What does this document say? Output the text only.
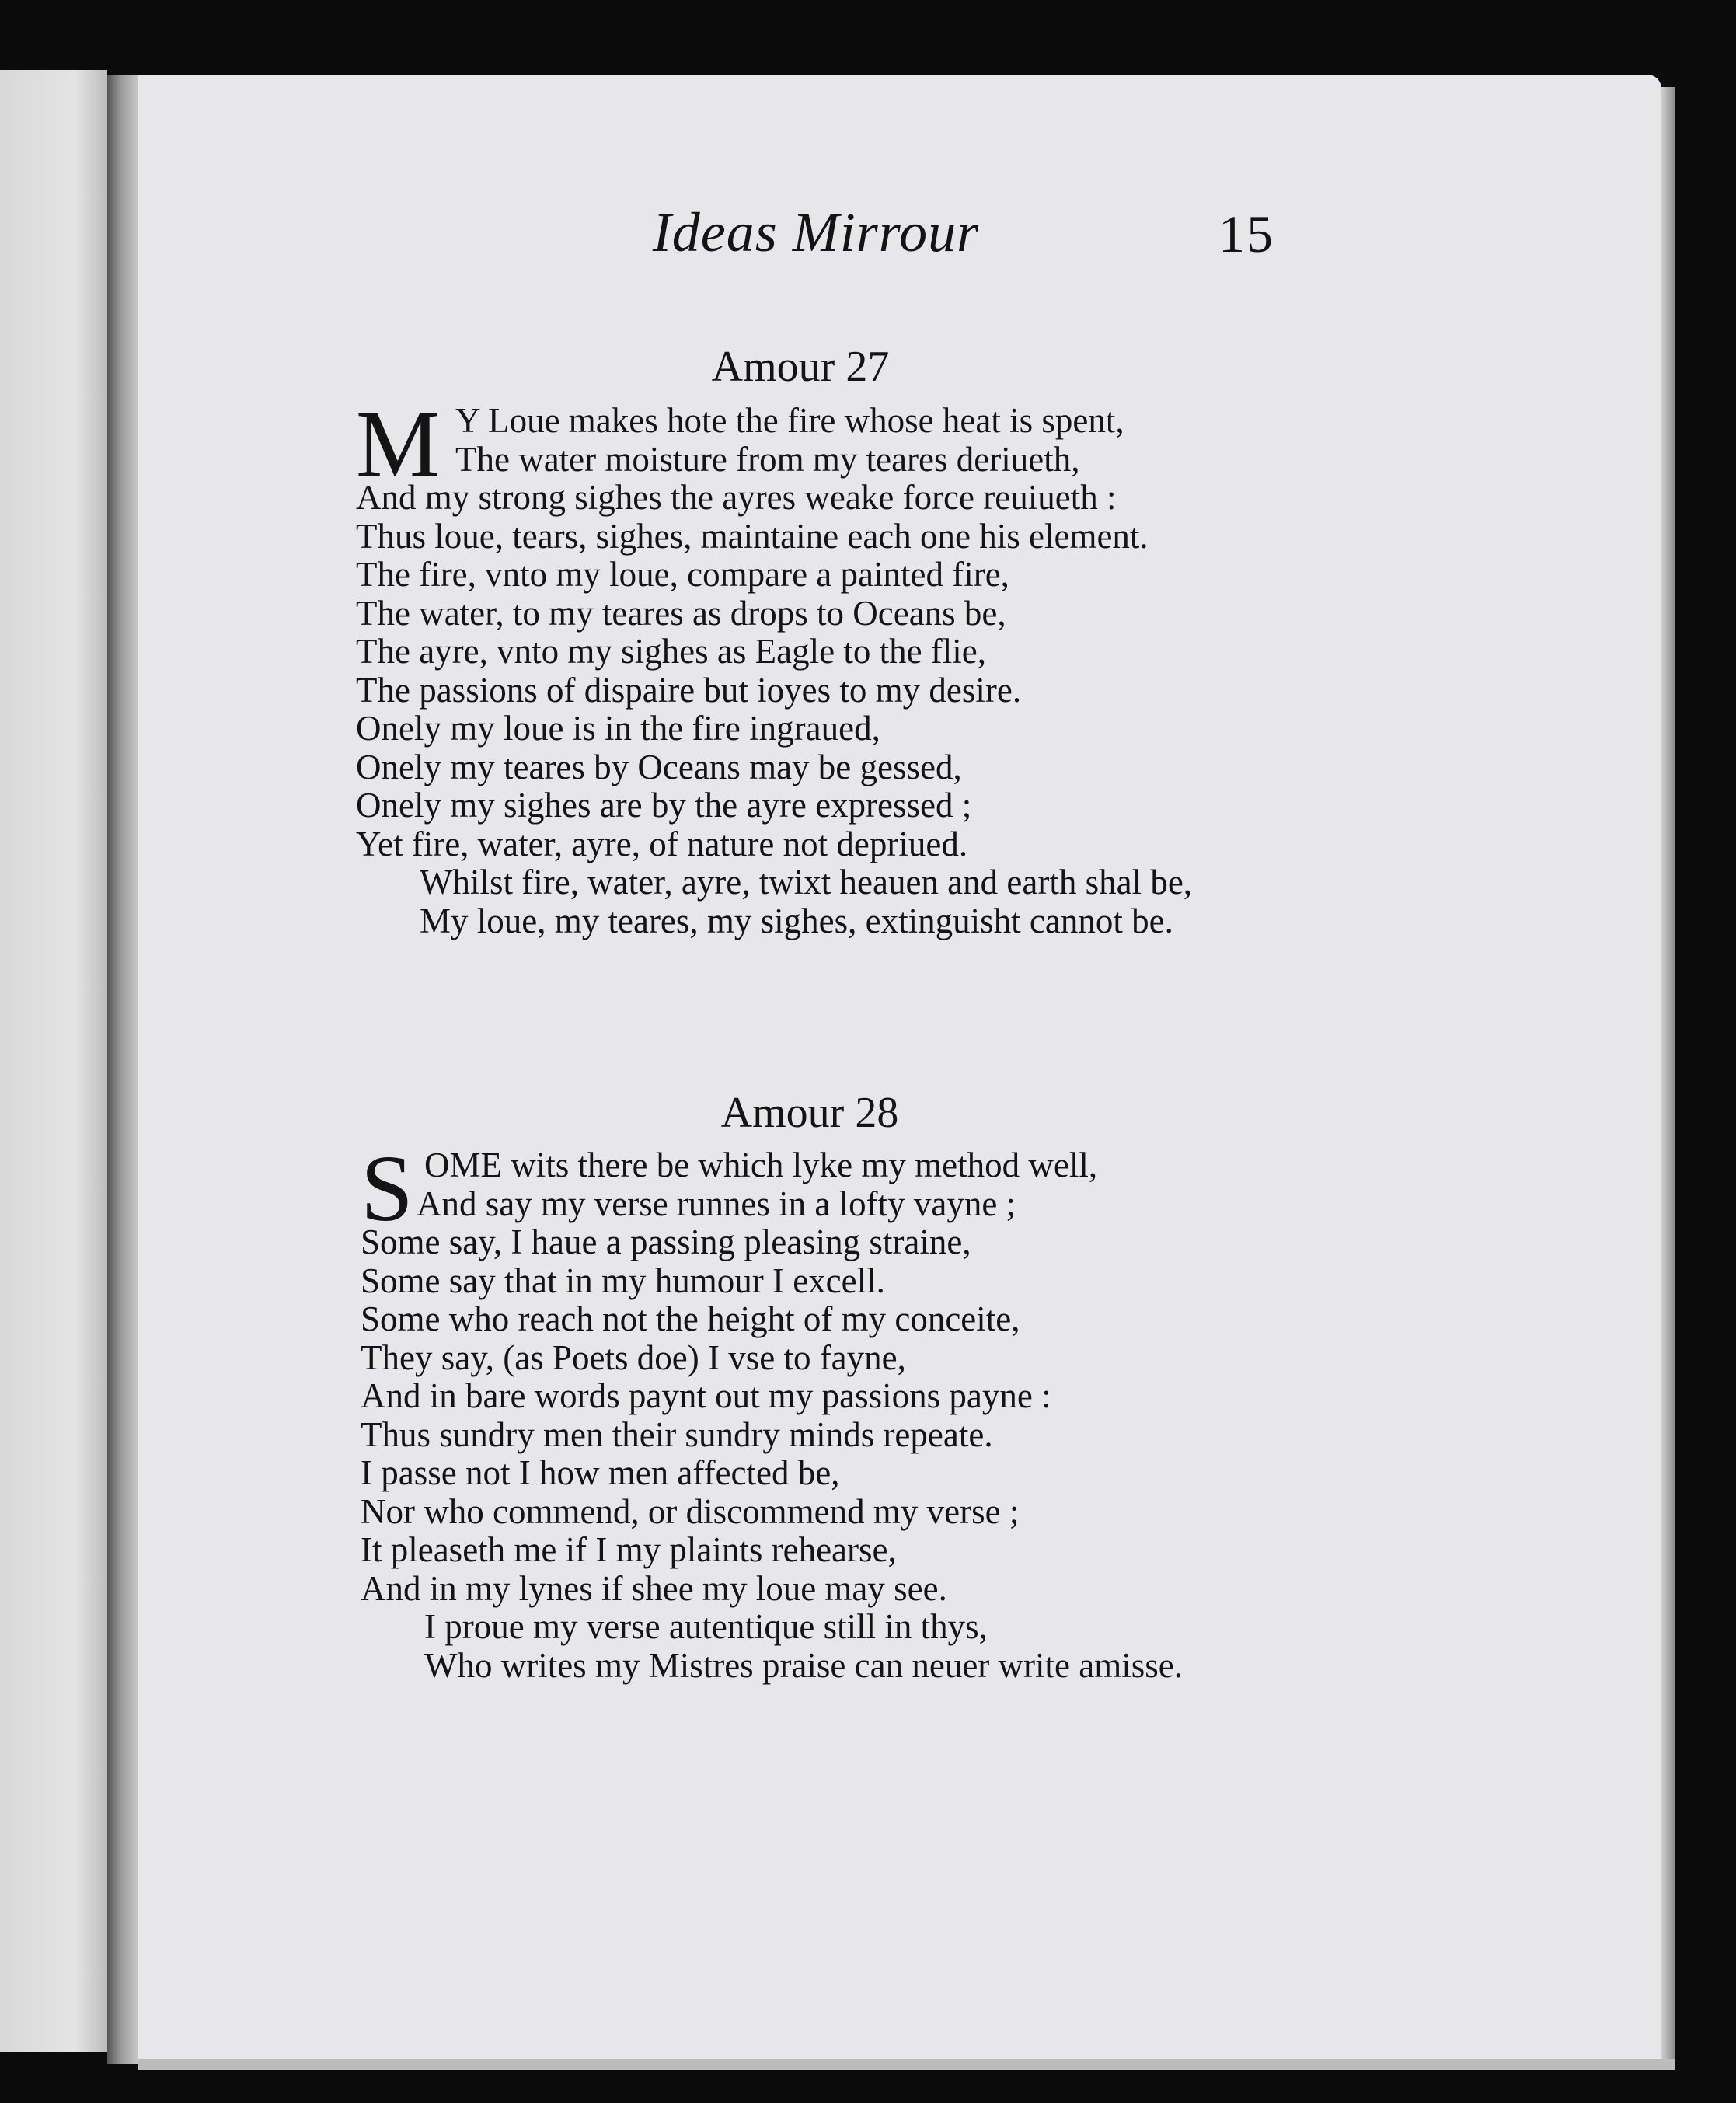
Ideas Mirrour	15
Amour 27
M Y Loue makes hote the fire whose heat is spent,
The water moisture from my teares deriueth,
And my strong sighes the ayres weake force reuiueth :
Thus loue, tears, sighes, maintaine each one his element.
The fire, vnto my loue, compare a painted fire,
The water, to my teares as drops to Oceans be,
The ayre, vnto my sighes as Eagle to the flie,
The passions of dispaire but ioyes to my desire.
Onely my loue is in the fire ingraued,
Onely my teares by Oceans may be gessed,
Onely my sighes are by the ayre expressed ;
Yet fire, water, ayre, of nature not depriued.
Whilst fire, water, ayre, twixt heauen and earth shal be,
My loue, my teares, my sighes, extinguisht cannot be.
Amour 28
S OME wits there be which lyke my method well,
And say my verse runnes in a lofty vayne ;
Some say, I haue a passing pleasing straine,
Some say that in my humour I excell.
Some who reach not the height of my conceite,
They say, (as Poets doe) I vse to fayne,
And in bare words paynt out my passions payne :
Thus sundry men their sundry minds repeate.
I passe not I how men affected be,
Nor who commend, or discommend my verse ;
It pleaseth me if I my plaints rehearse,
And in my lynes if shee my loue may see.
I proue my verse autentique still in thys,
Who writes my Mistres praise can neuer write amisse.
